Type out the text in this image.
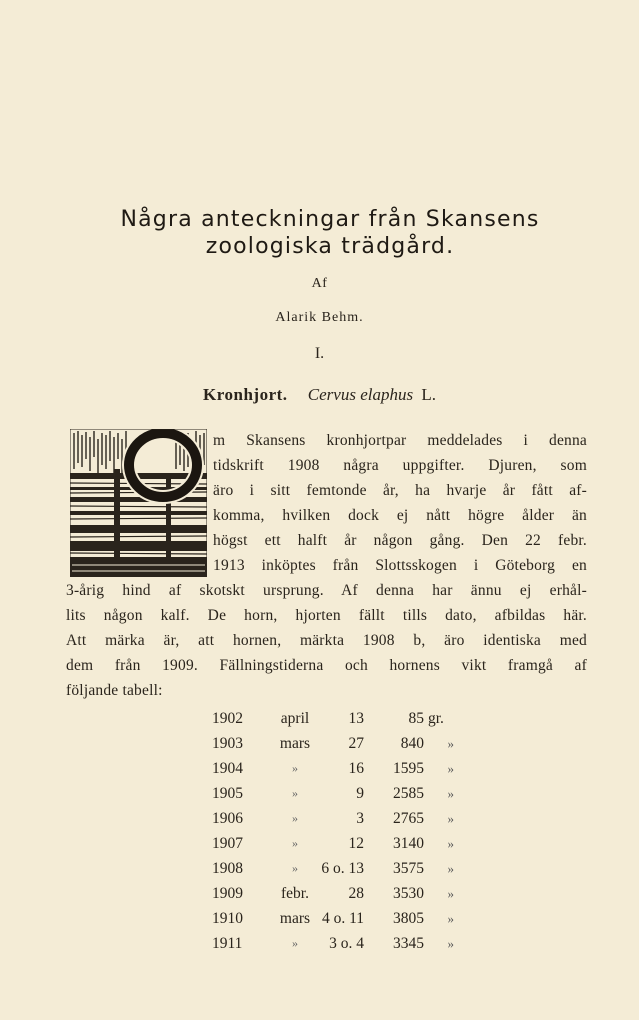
Några anteckningar från Skansens
zoologiska trädgård.
Af
Alarik Behm.
I.
Kronhjort. Cervus elaphus L.
m Skansens kronhjortpar meddelades i denna
tidskrift 1908 några uppgifter. Djuren, som
äro i sitt femtonde år, ha hvarje år fått af-
komma, hvilken dock ej nått högre ålder än
högst ett halft år någon gång. Den 22 febr.
1913 inköptes från Slottsskogen i Göteborg en
3-årig hind af skotskt ursprung. Af denna har ännu ej erhål-
lits någon kalf. De horn, hjorten fällt tills dato, afbildas här.
Att märka är, att hornen, märkta 1908 b, äro identiska med
dem från 1909. Fällningstiderna och hornens vikt framgå af
följande tabell:
1902	april	13	85	gr.
1903	mars	27	840	»
1904	»	16	1595	»
1905	»	9	2585	»
1906	»	3	2765	»
1907	»	12	3140	»
1908	»	6 o. 13	3575	»
1909	febr.	28	3530	»
1910	mars	4 o. 11	3805	»
1911	»	3 o. 4	3345	»
